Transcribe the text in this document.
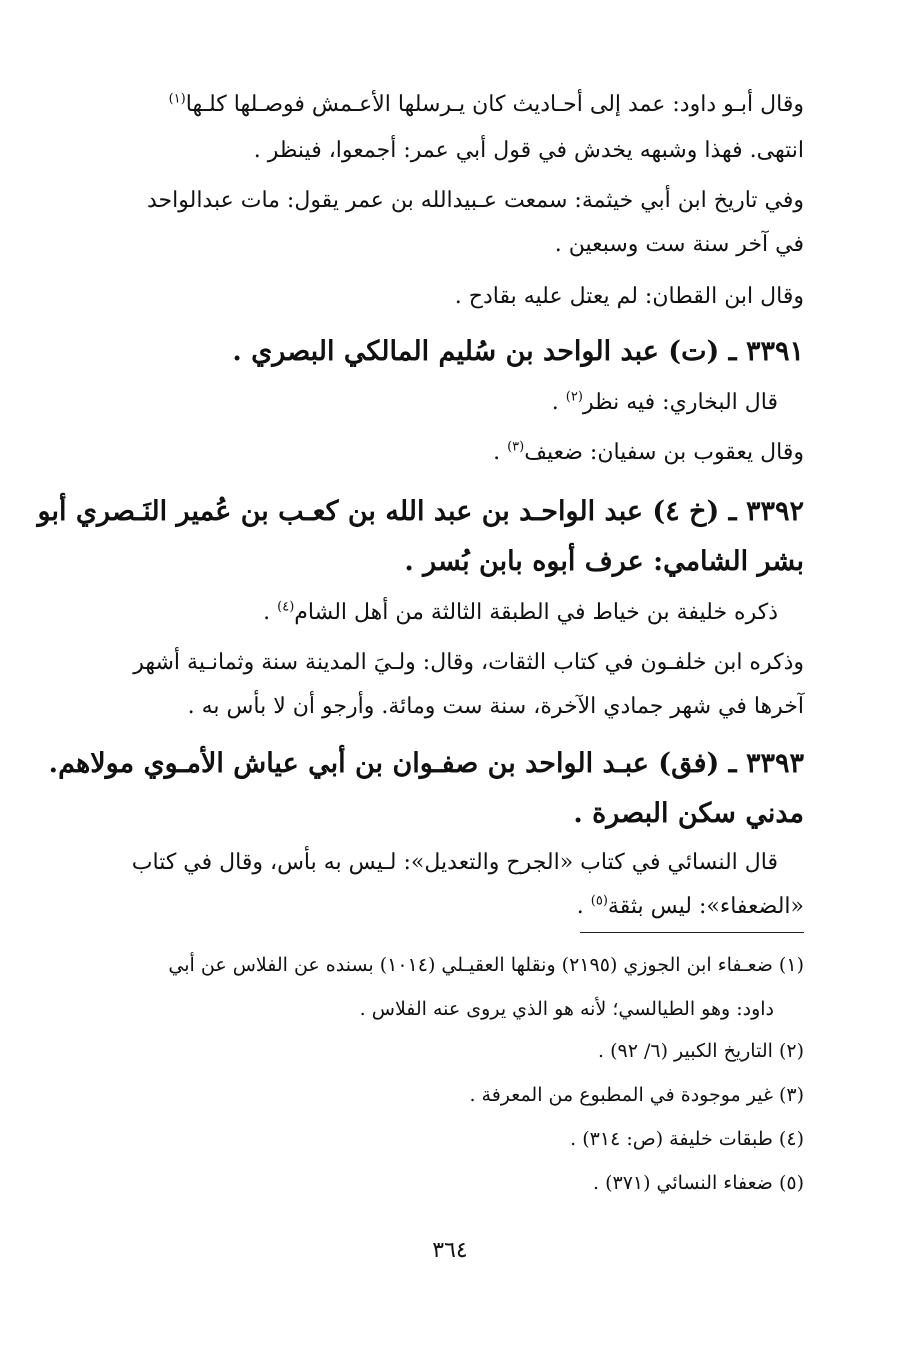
وقال أبـو داود: عمد إلى أحـاديث كان يـرسلها الأعـمش فوصـلها كلـها$^{(١)}$
انتهى. فهذا وشبهه يخدش في قول أبي عمر: أجمعوا، فينظر .
وفي تاريخ ابن أبي خيثمة: سمعت عـبيدالله بن عمر يقول: مات عبدالواحد
في آخر سنة ست وسبعين .
وقال ابن القطان: لم يعتل عليه بقادح .
٣٣٩١ ـ (ت) عبد الواحد بن سُليم المالكي البصري .
قال البخاري: فيه نظر$^{(٢)}$ .
وقال يعقوب بن سفيان: ضعيف$^{(٣)}$ .
٣٣٩٢ ـ (خ ٤) عبد الواحـد بن عبد الله بن كعـب بن عُمير النَـصري أبو
بشر الشامي: عرف أبوه بابن بُسر .
ذكره خليفة بن خياط في الطبقة الثالثة من أهل الشام$^{(٤)}$ .
وذكره ابن خلفـون في كتاب الثقات، وقال: ولـيَ المدينة سنة وثمانـية أشهر
آخرها في شهر جمادي الآخرة، سنة ست ومائة. وأرجو أن لا بأس به .
٣٣٩٣ ـ (فق) عبـد الواحد بن صفـوان بن أبي عياش الأمـوي مولاهم.
مدني سكن البصرة .
قال النسائي في كتاب «الجرح والتعديل»: لـيس به بأس، وقال في كتاب
«الضعفاء»: ليس بثقة$^{(٥)}$ .
(١) ضعـفاء ابن الجوزي (٢١٩٥) ونقلها العقيـلي (١٠١٤) بسنده عن الفلاس عن أبي
داود: وهو الطيالسي؛ لأنه هو الذي يروى عنه الفلاس .
(٢) التاريخ الكبير (٦/ ٩٢) .
(٣) غير موجودة في المطبوع من المعرفة .
(٤) طبقات خليفة (ص: ٣١٤) .
(٥) ضعفاء النسائي (٣٧١) .
٣٦٤
